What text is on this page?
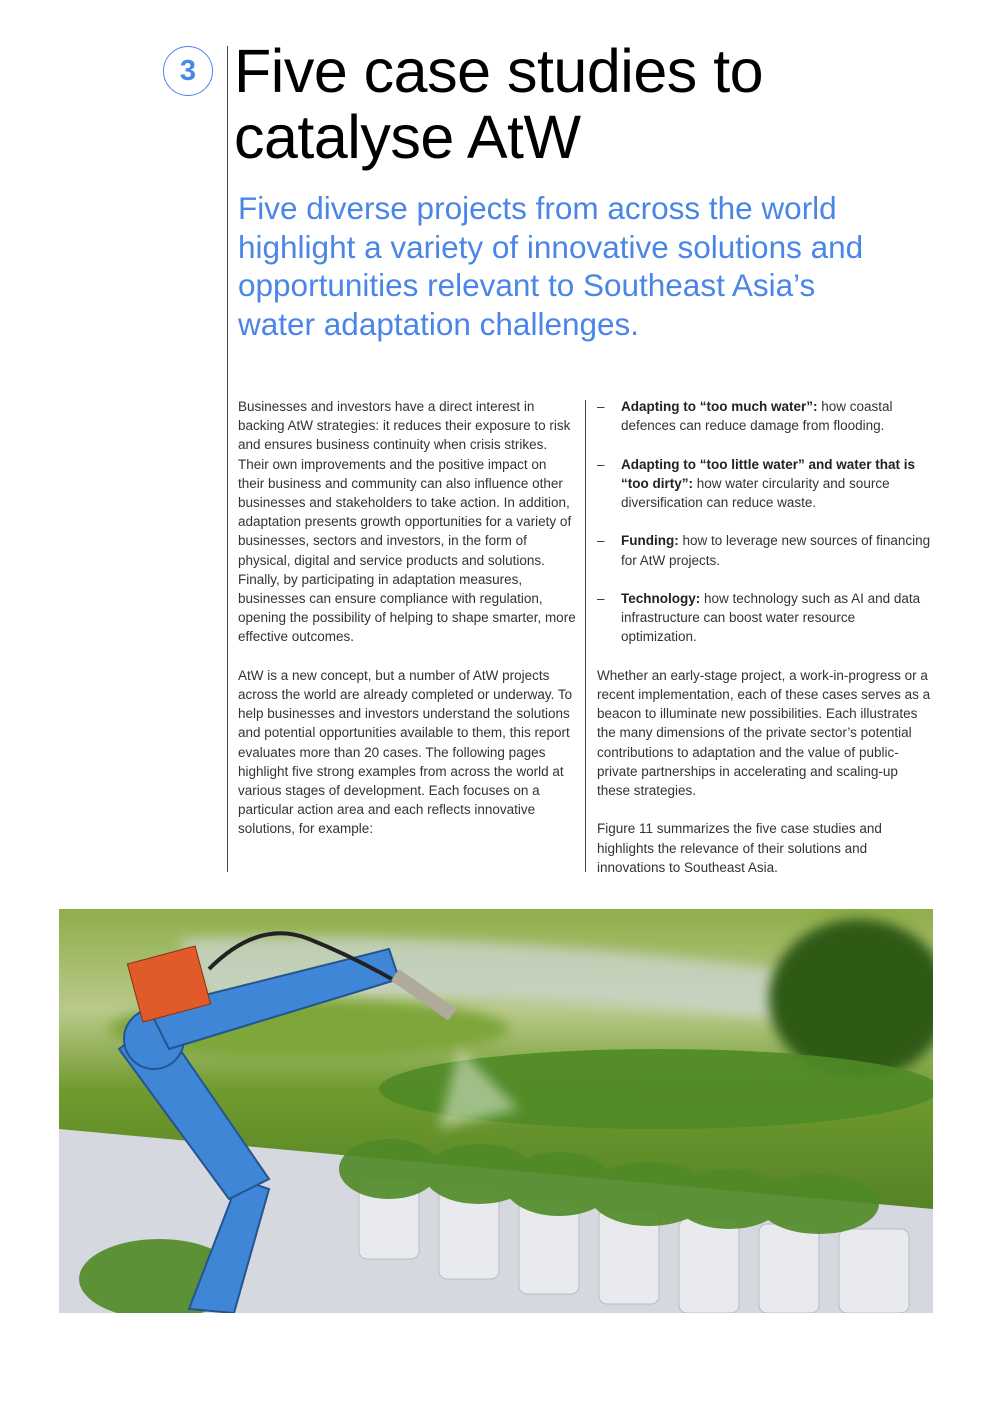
3 Five case studies to catalyse AtW
Five diverse projects from across the world highlight a variety of innovative solutions and opportunities relevant to Southeast Asia’s water adaptation challenges.

Businesses and investors have a direct interest in backing AtW strategies: it reduces their exposure to risk and ensures business continuity when crisis strikes. Their own improvements and the positive impact on their business and community can also influence other businesses and stakeholders to take action. In addition, adaptation presents growth opportunities for a variety of businesses, sectors and investors, in the form of physical, digital and service products and solutions. Finally, by participating in adaptation measures, businesses can ensure compliance with regulation, opening the possibility of helping to shape smarter, more effective outcomes.

AtW is a new concept, but a number of AtW projects across the world are already completed or underway. To help businesses and investors understand the solutions and potential opportunities available to them, this report evaluates more than 20 cases. The following pages highlight five strong examples from across the world at various stages of development. Each focuses on a particular action area and each reflects innovative solutions, for example:

– Adapting to “too much water”: how coastal defences can reduce damage from flooding.
– Adapting to “too little water” and water that is “too dirty”: how water circularity and source diversification can reduce waste.
– Funding: how to leverage new sources of financing for AtW projects.
– Technology: how technology such as AI and data infrastructure can boost water resource optimization.

Whether an early-stage project, a work-in-progress or a recent implementation, each of these cases serves as a beacon to illuminate new possibilities. Each illustrates the many dimensions of the private sector’s potential contributions to adaptation and the value of public-private partnerships in accelerating and scaling-up these strategies.

Figure 11 summarizes the five case studies and highlights the relevance of their solutions and innovations to Southeast Asia.
